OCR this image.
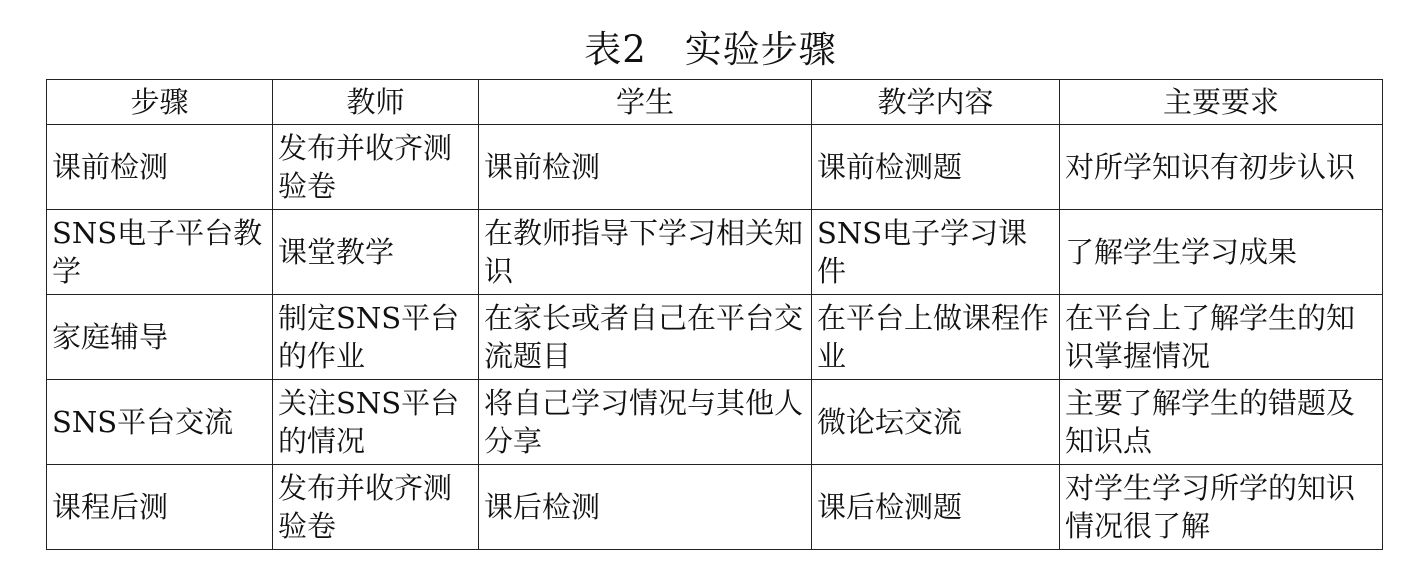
表2　实验步骤
步骤	教师	学生	教学内容	主要要求
课前检测	发布并收齐测验卷	课前检测	课前检测题	对所学知识有初步认识
SNS电子平台教学	课堂教学	在教师指导下学习相关知识	SNS电子学习课件	了解学生学习成果
家庭辅导	制定SNS平台的作业	在家长或者自己在平台交流题目	在平台上做课程作业	在平台上了解学生的知识掌握情况
SNS平台交流	关注SNS平台的情况	将自己学习情况与其他人分享	微论坛交流	主要了解学生的错题及知识点
课程后测	发布并收齐测验卷	课后检测	课后检测题	对学生学习所学的知识情况很了解
